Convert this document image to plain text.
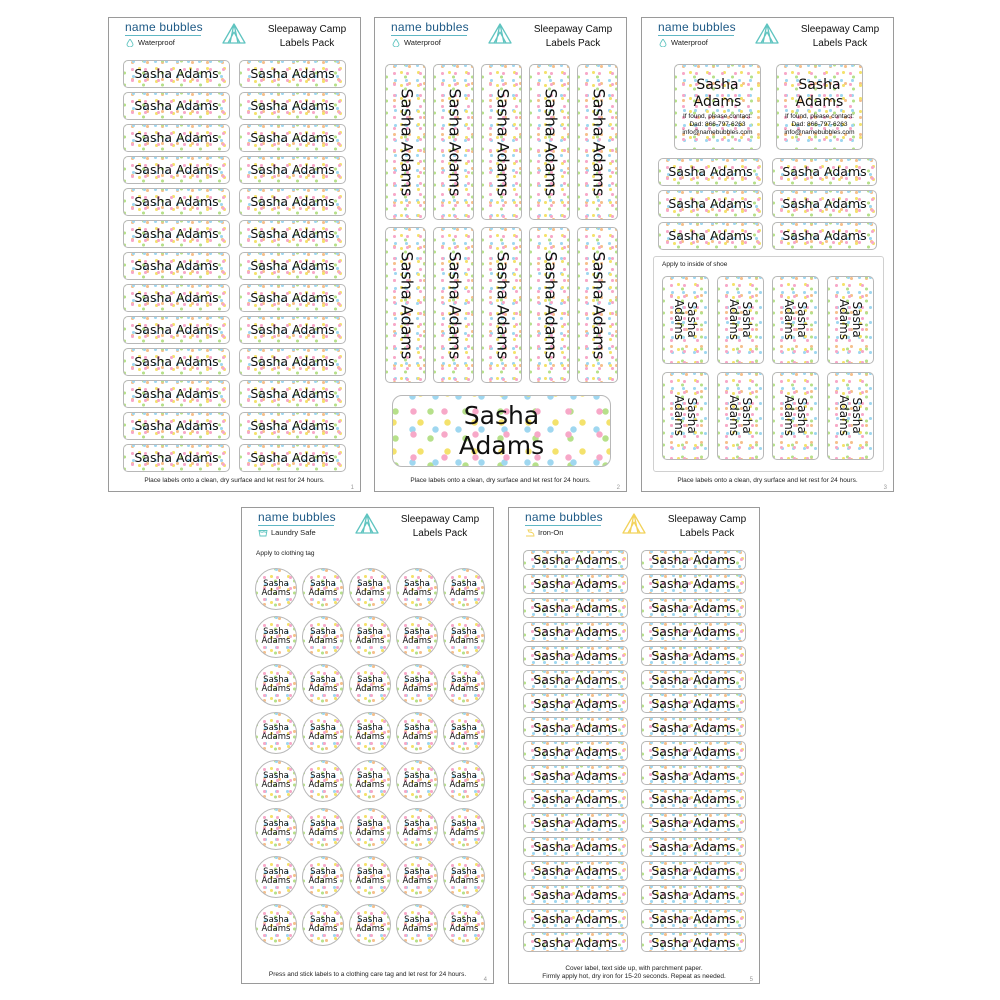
name bubbles
Waterproof
Sleepaway Camp
Labels Pack
Place labels onto a clean, dry surface and let rest for 24 hours.
1
Sasha Adams	Sasha Adams
Sasha Adams	Sasha Adams
Sasha Adams	Sasha Adams
Sasha Adams	Sasha Adams
Sasha Adams	Sasha Adams
Sasha Adams	Sasha Adams
Sasha Adams	Sasha Adams
Sasha Adams	Sasha Adams
Sasha Adams	Sasha Adams
Sasha Adams	Sasha Adams
Sasha Adams	Sasha Adams
Sasha Adams	Sasha Adams
Sasha Adams	Sasha Adams
name bubbles
Waterproof
Sleepaway Camp
Labels Pack
Sasha
Adams
Place labels onto a clean, dry surface and let rest for 24 hours.
2
Sasha Adams Sasha Adams Sasha Adams Sasha Adams Sasha Adams
Sasha Adams Sasha Adams Sasha Adams Sasha Adams Sasha Adams
name bubbles
Waterproof
Sleepaway Camp
Labels Pack
Sasha
Adams
If found, please contact:
Dad: 866-797-6263
info@namebubbles.com
Sasha
Adams
If found, please contact:
Dad: 866-797-6263
info@namebubbles.com
Apply to inside of shoe
Place labels onto a clean, dry surface and let rest for 24 hours.
3
Sasha Adams Sasha Adams
Sasha Adams Sasha Adams
Sasha Adams Sasha Adams
Sasha
Adams	Sasha
Adams	Sasha
Adams	Sasha
Adams
Sasha
Adams	Sasha
Adams	Sasha
Adams	Sasha
Adams
name bubbles
Laundry Safe
Sleepaway Camp
Labels Pack
Apply to clothing tag
Press and stick labels to a clothing care tag and let rest for 24 hours.
4
Sasha
Adams
Sasha
Adams
Sasha
Adams
Sasha
Adams
Sasha
Adams
Sasha
Adams
Sasha
Adams
Sasha
Adams
Sasha
Adams
Sasha
Adams
Sasha
Adams
Sasha
Adams
Sasha
Adams
Sasha
Adams
Sasha
Adams
Sasha
Adams
Sasha
Adams
Sasha
Adams
Sasha
Adams
Sasha
Adams
Sasha
Adams
Sasha
Adams
Sasha
Adams
Sasha
Adams
Sasha
Adams
Sasha
Adams
Sasha
Adams
Sasha
Adams
Sasha
Adams
Sasha
Adams
Sasha
Adams
Sasha
Adams
Sasha
Adams
Sasha
Adams
Sasha
Adams
Sasha
Adams
Sasha
Adams
Sasha
Adams
Sasha
Adams
Sasha
Adams
name bubbles
Iron-On
Sleepaway Camp
Labels Pack
Cover label, text side up, with parchment paper.
Firmly apply hot, dry iron for 15-20 seconds. Repeat as needed.	5
Sasha Adams	Sasha Adams
Sasha Adams	Sasha Adams
Sasha Adams	Sasha Adams
Sasha Adams	Sasha Adams
Sasha Adams	Sasha Adams
Sasha Adams	Sasha Adams
Sasha Adams	Sasha Adams
Sasha Adams	Sasha Adams
Sasha Adams	Sasha Adams
Sasha Adams	Sasha Adams
Sasha Adams	Sasha Adams
Sasha Adams	Sasha Adams
Sasha Adams	Sasha Adams
Sasha Adams	Sasha Adams
Sasha Adams	Sasha Adams
Sasha Adams	Sasha Adams
Sasha Adams	Sasha Adams
